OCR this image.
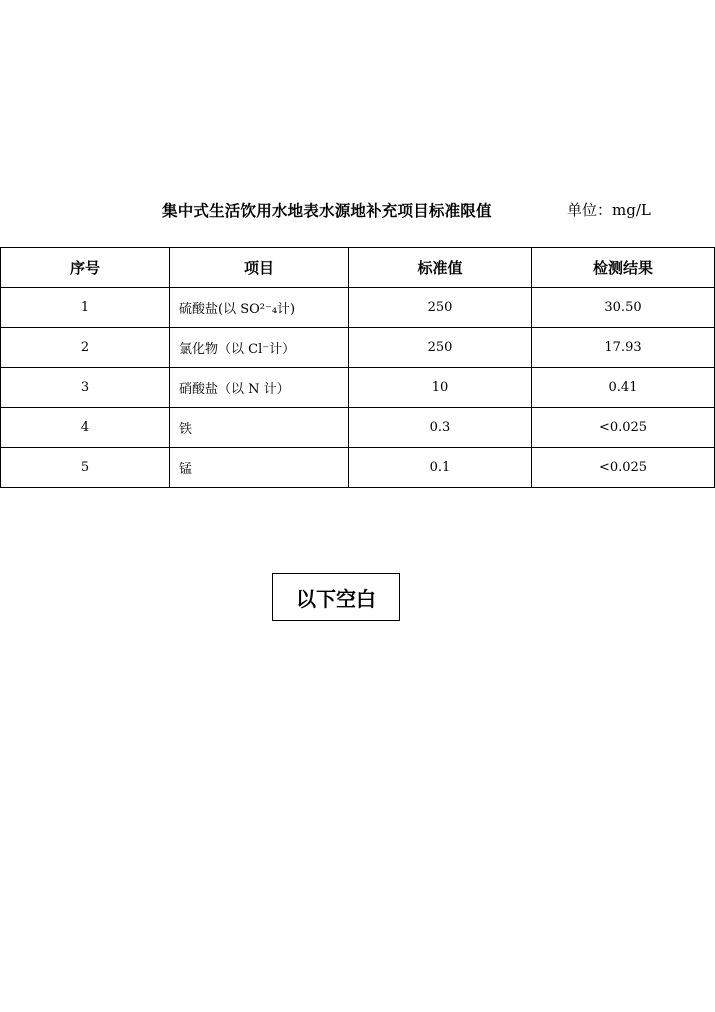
集中式生活饮用水地表水源地补充项目标准限值	单位：mg/L
序号	项目	标准值	检测结果
1	硫酸盐(以 SO²⁻₄计)	250	30.50
2	氯化物（以 Cl⁻计）	250	17.93
3	硝酸盐（以 N 计）	10	0.41
4	铁	0.3	<0.025
5	锰	0.1	<0.025
以下空白
